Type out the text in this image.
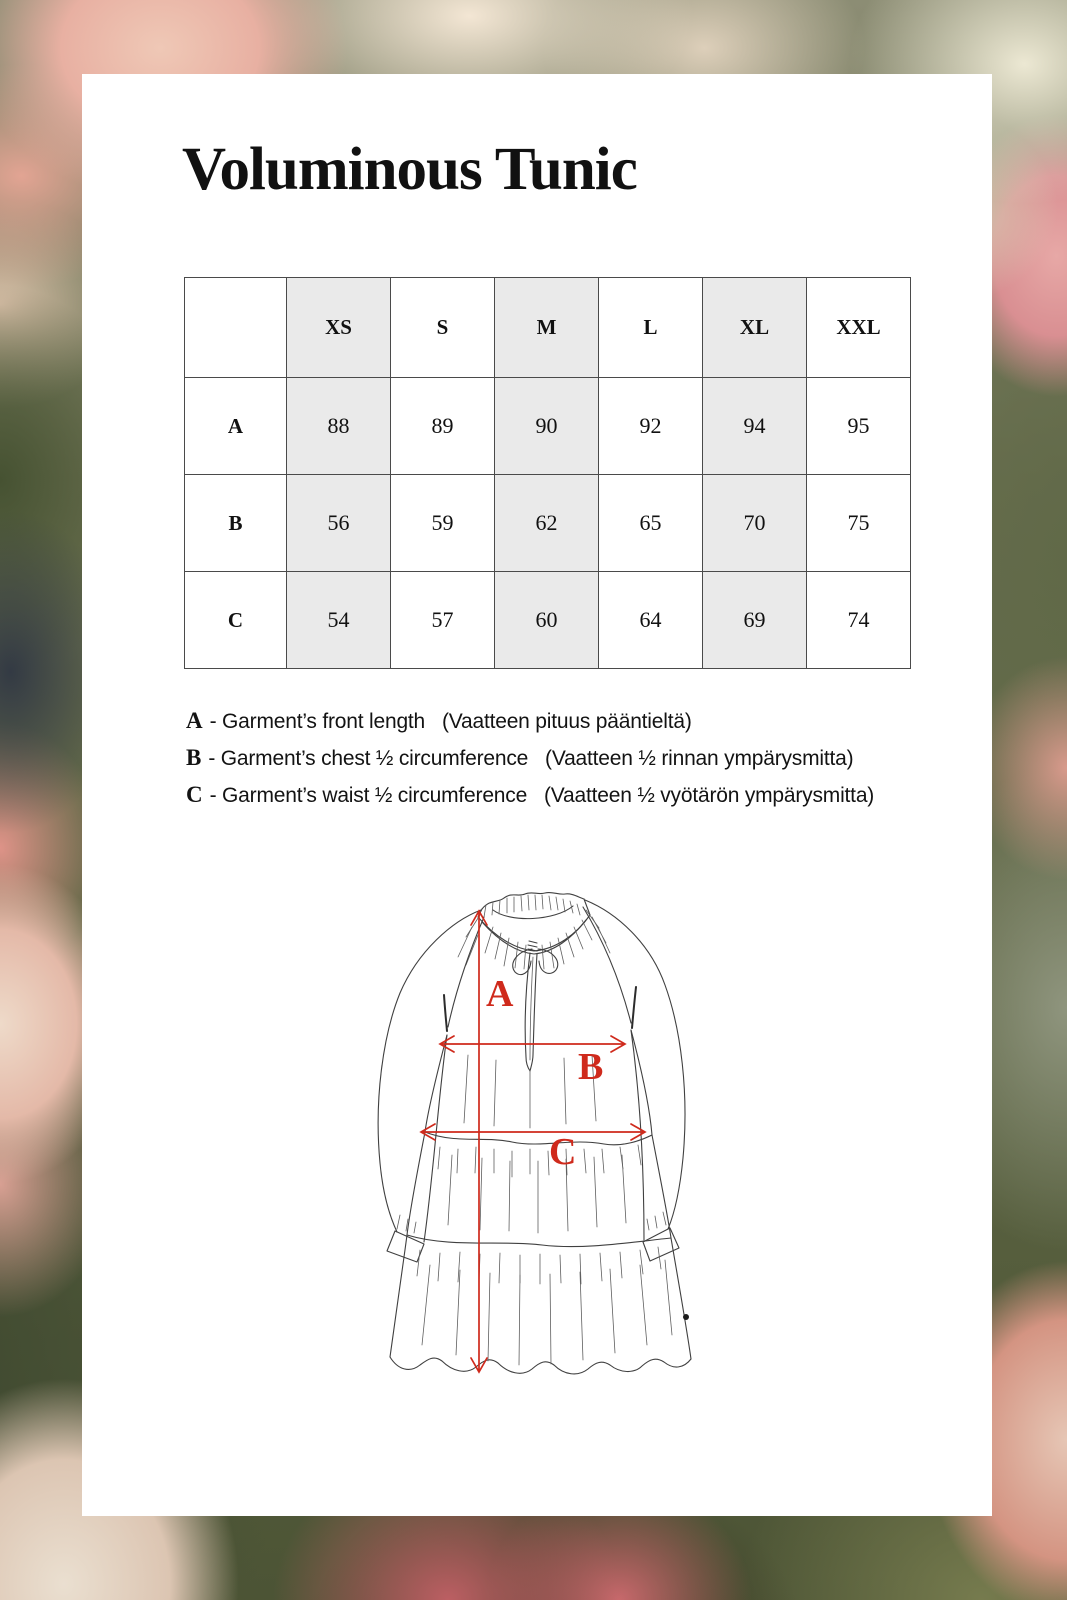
Voluminous Tunic
	XS	S	M	L	XL	XXL
A	88	89	90	92	94	95
B	56	59	62	65	70	75
C	54	57	60	64	69	74
A - Garment’s front length   (Vaatteen pituus pääntieltä)
B - Garment’s chest ½ circumference   (Vaatteen ½ rinnan ympärysmitta)
C - Garment’s waist ½ circumference   (Vaatteen ½ vyötärön ympärysmitta)
A
B
C
